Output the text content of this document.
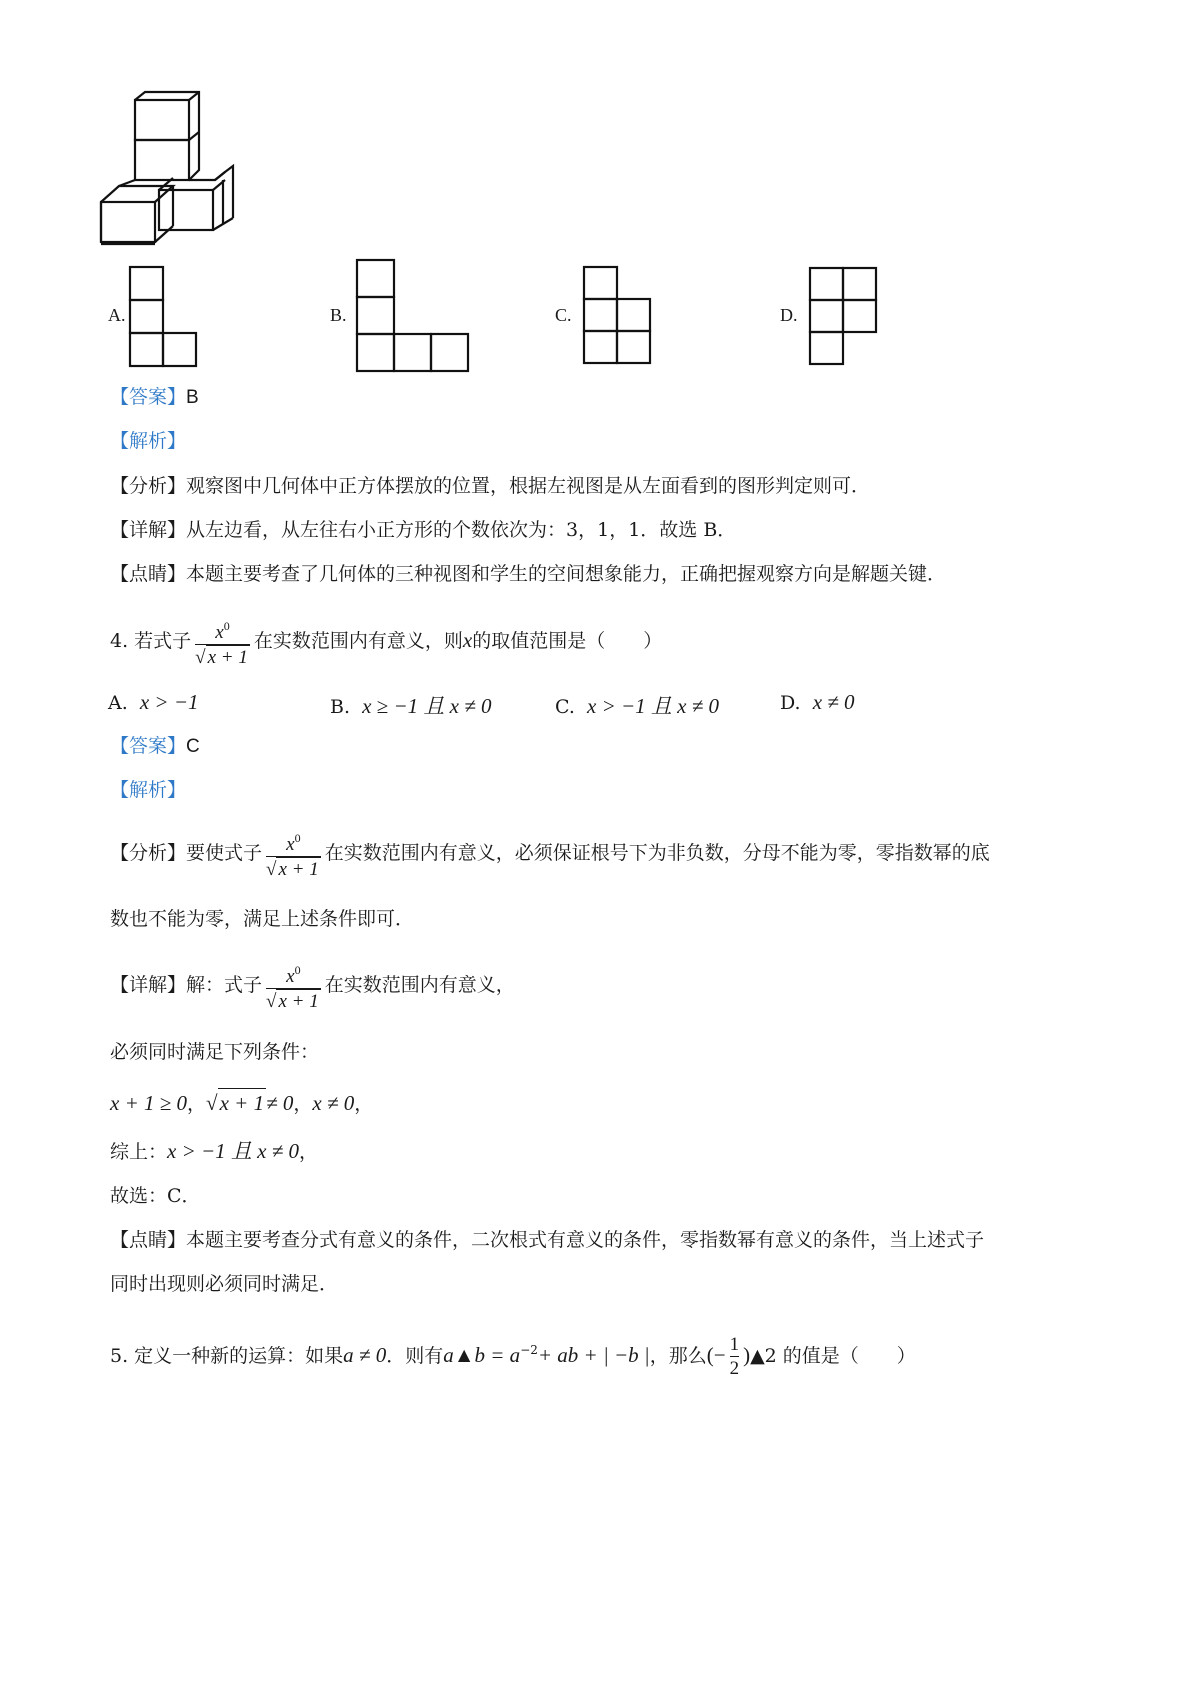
A.	B.	C.	D.
【答案】B
【解析】
【分析】观察图中几何体中正方体摆放的位置，根据左视图是从左面看到的图形判定则可．
【详解】从左边看，从左往右小正方形的个数依次为：3，1，1．故选 B．
【点睛】本题主要考查了几何体的三种视图和学生的空间想象能力，正确把握观察方向是解题关键．
4. 若式子 $\frac{x^0}{√ x + 1}$ 在实数范围内有意义，则x的取值范围是（　　）
A. x > −1	B. x ≥ −1 且 x ≠ 0	C. x > −1 且 x ≠ 0	D. x ≠ 0
【答案】C
【解析】
【分析】要使式子 $\frac{x^0}{√ x + 1}$ 在实数范围内有意义，必须保证根号下为非负数，分母不能为零，零指数幂的底
数也不能为零，满足上述条件即可．
【详解】解：式子 $\frac{x^0}{√ x + 1}$ 在实数范围内有意义，
必须同时满足下列条件：
x + 1 ≥ 0，√x + 1≠ 0，x ≠ 0，
综上：x > −1 且 x ≠ 0，
故选：C．
【点睛】本题主要考查分式有意义的条件，二次根式有意义的条件，零指数幂有意义的条件，当上述式子
同时出现则必须同时满足．
5. 定义一种新的运算：如果a ≠ 0．则有a▲b = $a^{-2}+$ ab + | −b |，那么(− $\frac{1}{2}$ )▲2 的值是（　　）
